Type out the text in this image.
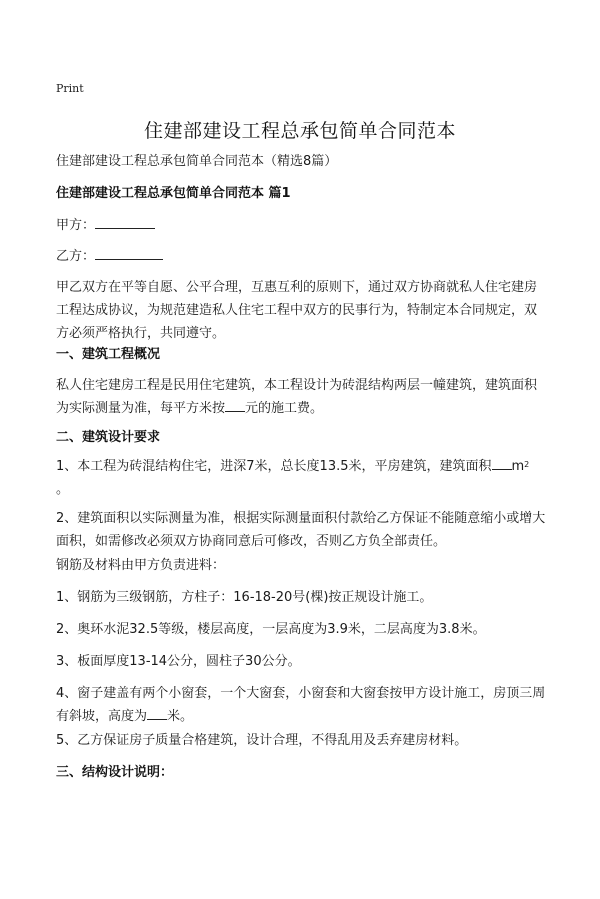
Print
住建部建设工程总承包简单合同范本
住建部建设工程总承包简单合同范本（精选8篇）
住建部建设工程总承包简单合同范本 篇1
甲方：
乙方：
甲乙双方在平等自愿、公平合理，互惠互利的原则下，通过双方协商就私人住宅建房工程达成协议，为规范建造私人住宅工程中双方的民事行为，特制定本合同规定，双方必须严格执行，共同遵守。
一、建筑工程概况
私人住宅建房工程是民用住宅建筑，本工程设计为砖混结构两层一幢建筑，建筑面积为实际测量为准，每平方米按 元的施工费。
二、建筑设计要求
1、本工程为砖混结构住宅，进深7米，总长度13.5米，平房建筑，建筑面积 $m^2$
。
2、建筑面积以实际测量为准，根据实际测量面积付款给乙方保证不能随意缩小或增大面积，如需修改必须双方协商同意后可修改，否则乙方负全部责任。
钢筋及材料由甲方负责进料：
1、钢筋为三级钢筋，方柱子：16-18-20号(棵)按正规设计施工。
2、奥环水泥32.5等级，楼层高度，一层高度为3.9米，二层高度为3.8米。
3、板面厚度13-14公分，圆柱子30公分。
4、窗子建盖有两个小窗套，一个大窗套，小窗套和大窗套按甲方设计施工，房顶三周有斜坡，高度为 米。
5、乙方保证房子质量合格建筑，设计合理，不得乱用及丢弃建房材料。
三、结构设计说明：
